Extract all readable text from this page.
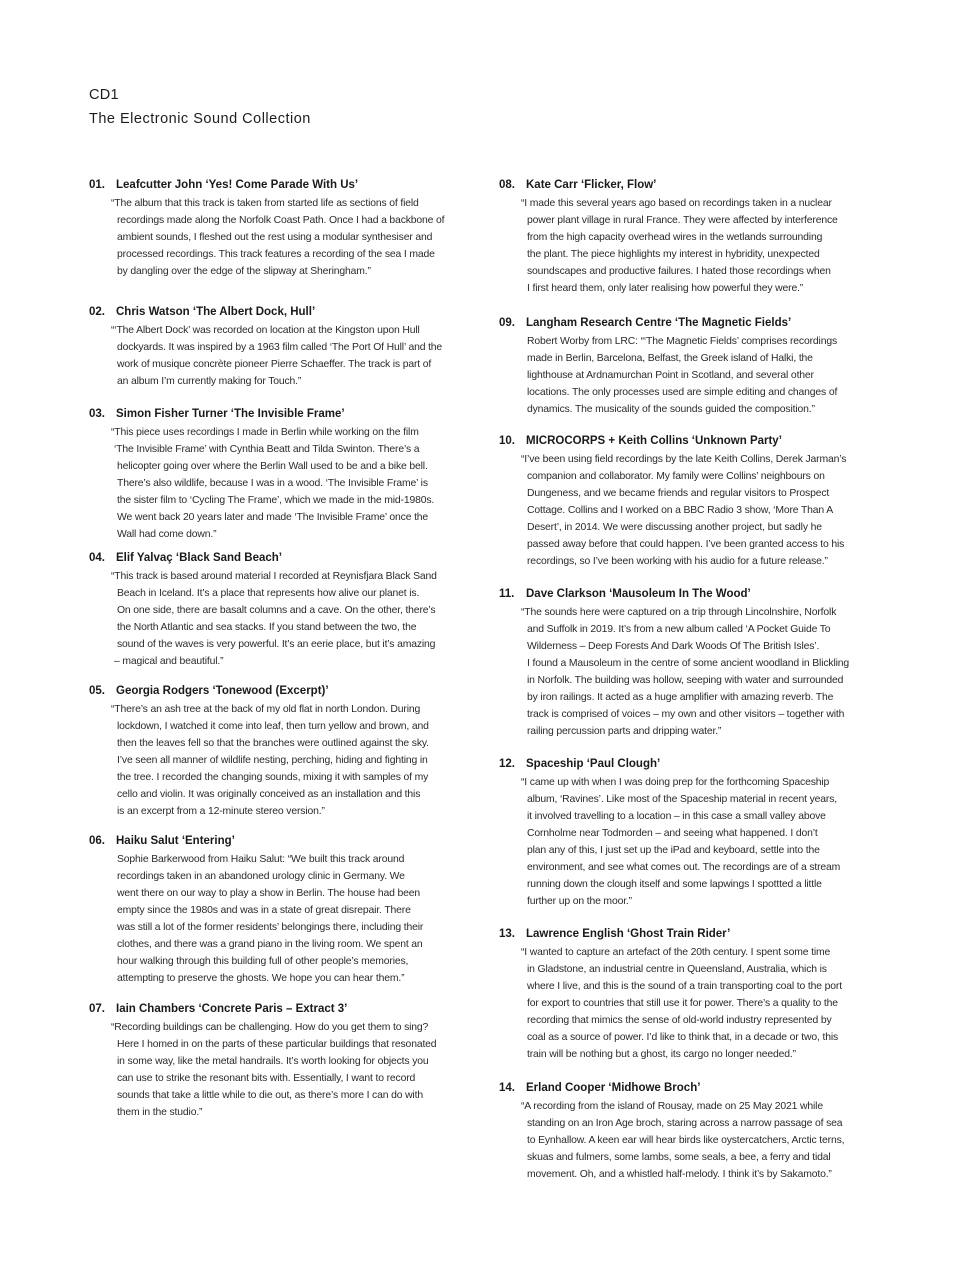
CD1
The Electronic Sound Collection
01. Leafcutter John ‘Yes! Come Parade With Us’
“The album that this track is taken from started life as sections of field
recordings made along the Norfolk Coast Path. Once I had a backbone of
ambient sounds, I fleshed out the rest using a modular synthesiser and
processed recordings. This track features a recording of the sea I made
by dangling over the edge of the slipway at Sheringham.”
02. Chris Watson ‘The Albert Dock, Hull’
“‘The Albert Dock’ was recorded on location at the Kingston upon Hull
dockyards. It was inspired by a 1963 film called ‘The Port Of Hull’ and the
work of musique concrète pioneer Pierre Schaeffer. The track is part of
an album I’m currently making for Touch.”
03. Simon Fisher Turner ‘The Invisible Frame’
“This piece uses recordings I made in Berlin while working on the film
‘The Invisible Frame’ with Cynthia Beatt and Tilda Swinton. There’s a
helicopter going over where the Berlin Wall used to be and a bike bell.
There’s also wildlife, because I was in a wood. ‘The Invisible Frame’ is
the sister film to ‘Cycling The Frame’, which we made in the mid-1980s.
We went back 20 years later and made ‘The Invisible Frame’ once the
Wall had come down.”
04. Elif Yalvaç ‘Black Sand Beach’
“This track is based around material I recorded at Reynisfjara Black Sand
Beach in Iceland. It’s a place that represents how alive our planet is.
On one side, there are basalt columns and a cave. On the other, there’s
the North Atlantic and sea stacks. If you stand between the two, the
sound of the waves is very powerful. It’s an eerie place, but it’s amazing
– magical and beautiful.”
05. Georgia Rodgers ‘Tonewood (Excerpt)’
“There’s an ash tree at the back of my old flat in north London. During
lockdown, I watched it come into leaf, then turn yellow and brown, and
then the leaves fell so that the branches were outlined against the sky.
I’ve seen all manner of wildlife nesting, perching, hiding and fighting in
the tree. I recorded the changing sounds, mixing it with samples of my
cello and violin. It was originally conceived as an installation and this
is an excerpt from a 12-minute stereo version.”
06. Haiku Salut ‘Entering’
Sophie Barkerwood from Haiku Salut: “We built this track around
recordings taken in an abandoned urology clinic in Germany. We
went there on our way to play a show in Berlin. The house had been
empty since the 1980s and was in a state of great disrepair. There
was still a lot of the former residents’ belongings there, including their
clothes, and there was a grand piano in the living room. We spent an
hour walking through this building full of other people’s memories,
attempting to preserve the ghosts. We hope you can hear them.”
07. Iain Chambers ‘Concrete Paris – Extract 3’
“Recording buildings can be challenging. How do you get them to sing?
Here I homed in on the parts of these particular buildings that resonated
in some way, like the metal handrails. It’s worth looking for objects you
can use to strike the resonant bits with. Essentially, I want to record
sounds that take a little while to die out, as there’s more I can do with
them in the studio.”
08. Kate Carr ‘Flicker, Flow’
“I made this several years ago based on recordings taken in a nuclear
power plant village in rural France. They were affected by interference
from the high capacity overhead wires in the wetlands surrounding
the plant. The piece highlights my interest in hybridity, unexpected
soundscapes and productive failures. I hated those recordings when
I first heard them, only later realising how powerful they were.”
09. Langham Research Centre ‘The Magnetic Fields’
Robert Worby from LRC: “‘The Magnetic Fields’ comprises recordings
made in Berlin, Barcelona, Belfast, the Greek island of Halki, the
lighthouse at Ardnamurchan Point in Scotland, and several other
locations. The only processes used are simple editing and changes of
dynamics. The musicality of the sounds guided the composition.”
10. MICROCORPS + Keith Collins ‘Unknown Party’
“I’ve been using field recordings by the late Keith Collins, Derek Jarman’s
companion and collaborator. My family were Collins’ neighbours on
Dungeness, and we became friends and regular visitors to Prospect
Cottage. Collins and I worked on a BBC Radio 3 show, ‘More Than A
Desert’, in 2014. We were discussing another project, but sadly he
passed away before that could happen. I’ve been granted access to his
recordings, so I’ve been working with his audio for a future release.”
11. Dave Clarkson ‘Mausoleum In The Wood’
“The sounds here were captured on a trip through Lincolnshire, Norfolk
and Suffolk in 2019. It’s from a new album called ‘A Pocket Guide To
Wilderness – Deep Forests And Dark Woods Of The British Isles’.
I found a Mausoleum in the centre of some ancient woodland in Blickling
in Norfolk. The building was hollow, seeping with water and surrounded
by iron railings. It acted as a huge amplifier with amazing reverb. The
track is comprised of voices – my own and other visitors – together with
railing percussion parts and dripping water.”
12. Spaceship ‘Paul Clough’
“I came up with when I was doing prep for the forthcoming Spaceship
album, ‘Ravines’. Like most of the Spaceship material in recent years,
it involved travelling to a location – in this case a small valley above
Cornholme near Todmorden – and seeing what happened. I don’t
plan any of this, I just set up the iPad and keyboard, settle into the
environment, and see what comes out. The recordings are of a stream
running down the clough itself and some lapwings I spottted a little
further up on the moor.”
13. Lawrence English ‘Ghost Train Rider’
“I wanted to capture an artefact of the 20th century. I spent some time
in Gladstone, an industrial centre in Queensland, Australia, which is
where I live, and this is the sound of a train transporting coal to the port
for export to countries that still use it for power. There’s a quality to the
recording that mimics the sense of old-world industry represented by
coal as a source of power. I’d like to think that, in a decade or two, this
train will be nothing but a ghost, its cargo no longer needed.”
14. Erland Cooper ‘Midhowe Broch’
“A recording from the island of Rousay, made on 25 May 2021 while
standing on an Iron Age broch, staring across a narrow passage of sea
to Eynhallow. A keen ear will hear birds like oystercatchers, Arctic terns,
skuas and fulmers, some lambs, some seals, a bee, a ferry and tidal
movement. Oh, and a whistled half-melody. I think it’s by Sakamoto.”
